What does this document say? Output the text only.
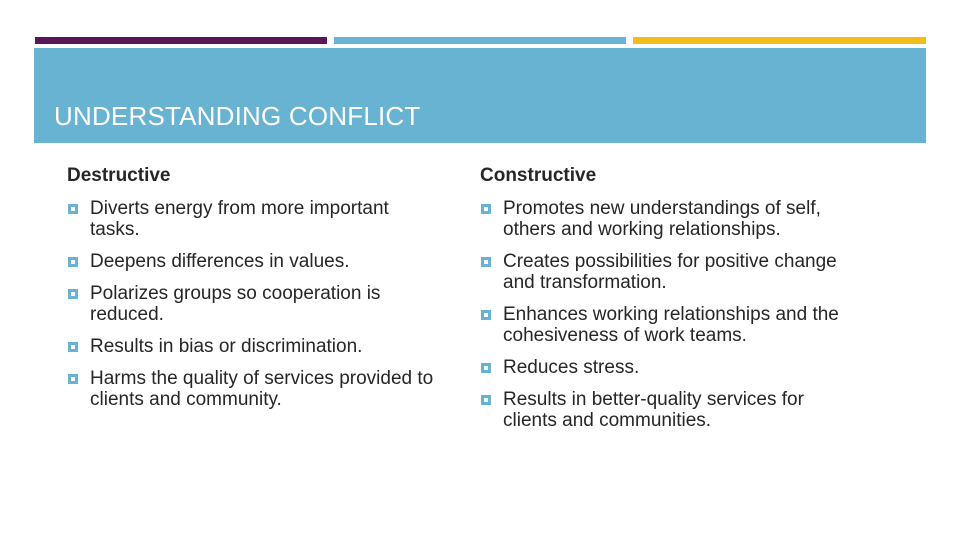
UNDERSTANDING CONFLICT
Destructive
Diverts energy from more important tasks.
Deepens differences in values.
Polarizes groups so cooperation is reduced.
Results in bias or discrimination.
Harms the quality of services provided to clients and community.
Constructive
Promotes new understandings of self, others and working relationships.
Creates possibilities for positive change and transformation.
Enhances working relationships and the cohesiveness of work teams.
Reduces stress.
Results in better-quality services for clients and communities.
